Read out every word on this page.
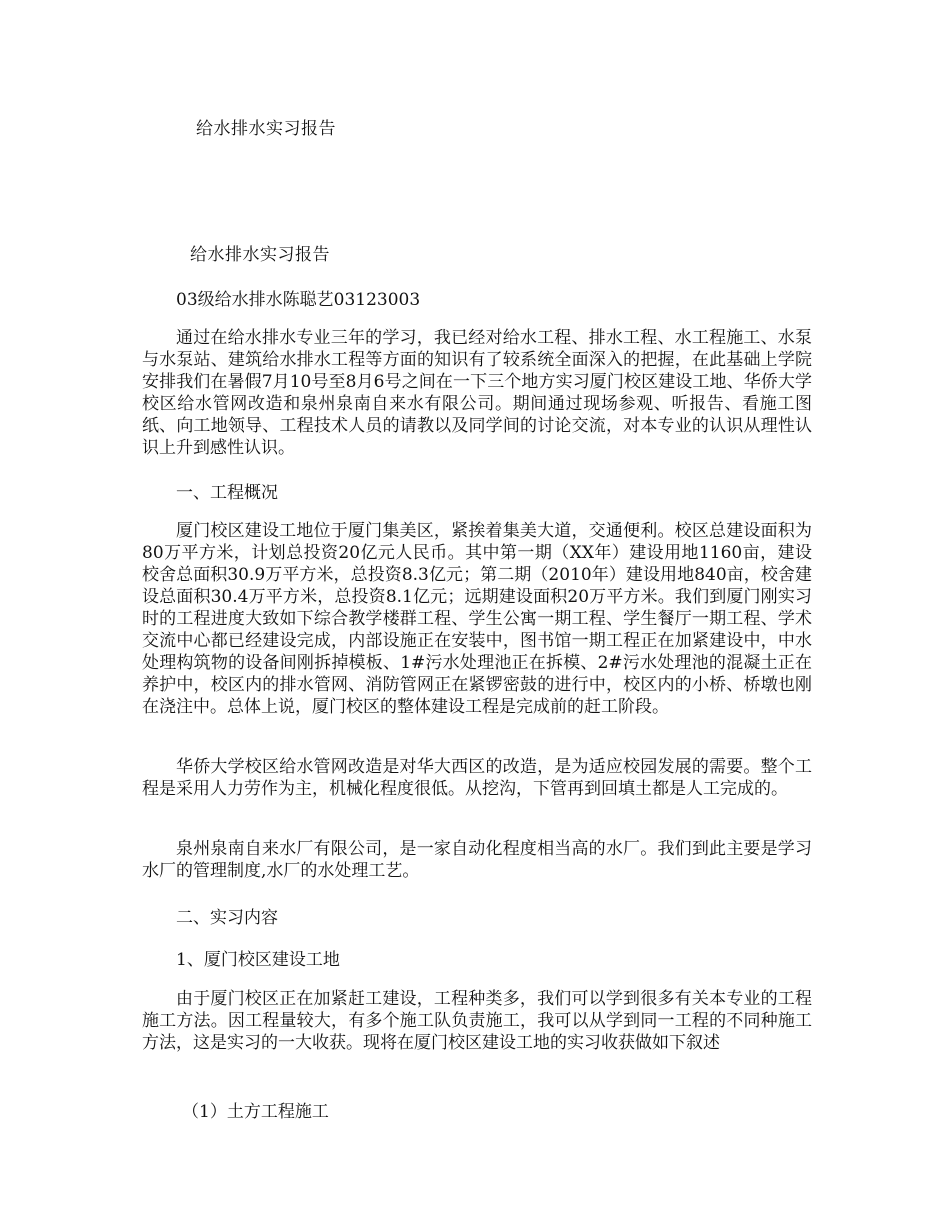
给水排水实习报告
给水排水实习报告
03级给水排水陈聪艺03123003
通过在给水排水专业三年的学习，我已经对给水工程、排水工程、水工程施工、水泵与水泵站、建筑给水排水工程等方面的知识有了较系统全面深入的把握，在此基础上学院安排我们在暑假7月10号至8月6号之间在一下三个地方实习厦门校区建设工地、华侨大学校区给水管网改造和泉州泉南自来水有限公司。期间通过现场参观、听报告、看施工图纸、向工地领导、工程技术人员的请教以及同学间的讨论交流，对本专业的认识从理性认识上升到感性认识。
一、工程概况
厦门校区建设工地位于厦门集美区，紧挨着集美大道，交通便利。校区总建设面积为80万平方米，计划总投资20亿元人民币。其中第一期（XX年）建设用地1160亩，建设校舍总面积30.9万平方米，总投资8.3亿元；第二期（2010年）建设用地840亩，校舍建设总面积30.4万平方米，总投资8.1亿元；远期建设面积20万平方米。我们到厦门刚实习时的工程进度大致如下综合教学楼群工程、学生公寓一期工程、学生餐厅一期工程、学术交流中心都已经建设完成，内部设施正在安装中，图书馆一期工程正在加紧建设中，中水处理构筑物的设备间刚拆掉模板、1#污水处理池正在拆模、2#污水处理池的混凝土正在养护中，校区内的排水管网、消防管网正在紧锣密鼓的进行中，校区内的小桥、桥墩也刚在浇注中。总体上说，厦门校区的整体建设工程是完成前的赶工阶段。
华侨大学校区给水管网改造是对华大西区的改造，是为适应校园发展的需要。整个工程是采用人力劳作为主，机械化程度很低。从挖沟，下管再到回填土都是人工完成的。
泉州泉南自来水厂有限公司，是一家自动化程度相当高的水厂。我们到此主要是学习水厂的管理制度,水厂的水处理工艺。
二、实习内容
1、厦门校区建设工地
由于厦门校区正在加紧赶工建设，工程种类多，我们可以学到很多有关本专业的工程施工方法。因工程量较大，有多个施工队负责施工，我可以从学到同一工程的不同种施工方法，这是实习的一大收获。现将在厦门校区建设工地的实习收获做如下叙述
（1）土方工程施工
